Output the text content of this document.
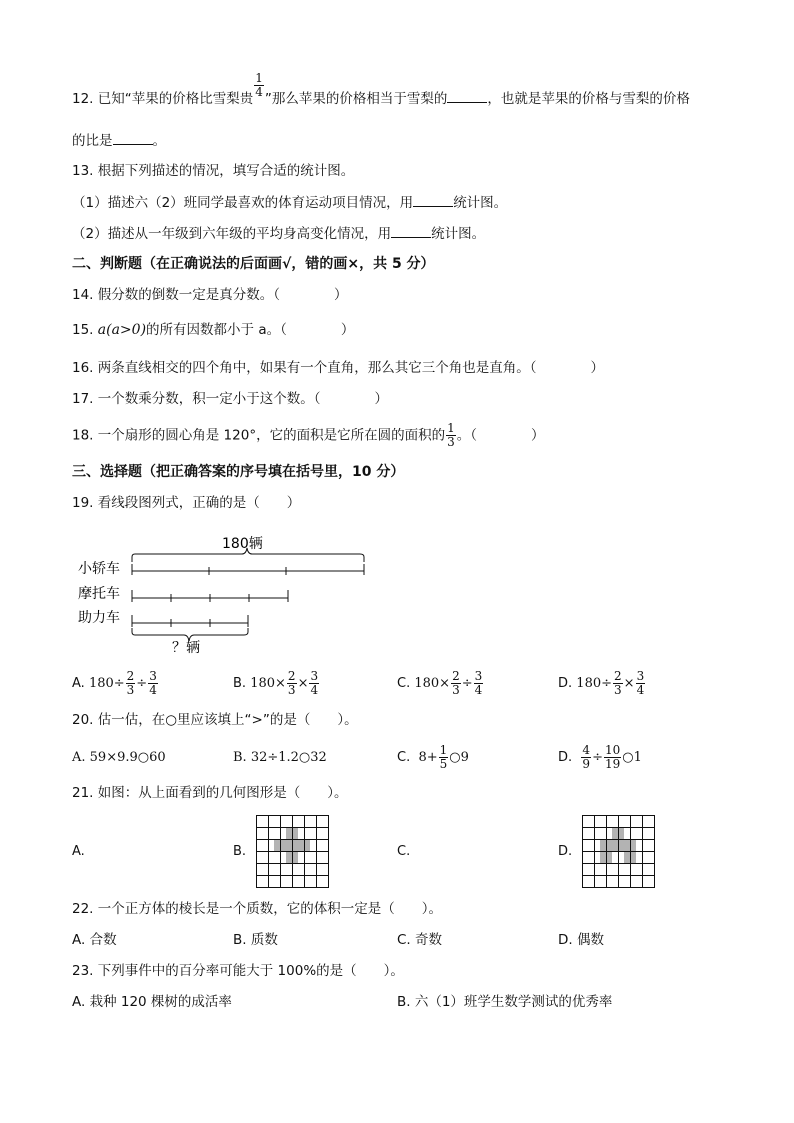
12. 已知“苹果的价格比雪梨贵 $\frac{1}{4}$ ”那么苹果的价格相当于雪梨的	，也就是苹果的价格与雪梨的价格
的比是	。
13. 根据下列描述的情况，填写合适的统计图。
（1）描述六（2）班同学最喜欢的体育运动项目情况，用	统计图。
（2）描述从一年级到六年级的平均身高变化情况，用	统计图。
二、判断题（在正确说法的后面画√，错的画×，共 5 分）
14. 假分数的倒数一定是真分数。（　　　　）
15. a(a>0)的所有因数都小于 a。（　　　　）
16. 两条直线相交的四个角中，如果有一个直角，那么其它三个角也是直角。（　　　　）
17. 一个数乘分数，积一定小于这个数。（　　　　）
18. 一个扇形的圆心角是 120°，它的面积是它所在圆的面积的 $\frac{1}{3}$ 。（　　　　）
三、选择题（把正确答案的序号填在括号里，10 分）
19. 看线段图列式，正确的是（　　）
180辆
小轿车
摩托车
助力车
？辆
A. $180\div \frac{2}{3} \div \frac{3}{4}$	B. $180\times \frac{2}{3} \times \frac{3}{4}$	C. $180\times \frac{2}{3} \div \frac{3}{4}$	D. $180\div \frac{2}{3} \times \frac{3}{4}$
20. 估一估，在○里应该填上“>”的是（　　）。
A. 59×9.9○60	B. 32÷1.2○32	C. $8+ \frac{1}{5}$ ○9	D. $\frac{4}{9} \div \frac{10}{19}$ ○1
21. 如图：从上面看到的几何图形是（　　）。
A.	B.	C.	D.
22. 一个正方体的棱长是一个质数，它的体积一定是（　　）。
A. 合数	B. 质数	C. 奇数	D. 偶数
23. 下列事件中的百分率可能大于 100%的是（　　）。
A. 栽种 120 棵树的成活率	B. 六（1）班学生数学测试的优秀率
